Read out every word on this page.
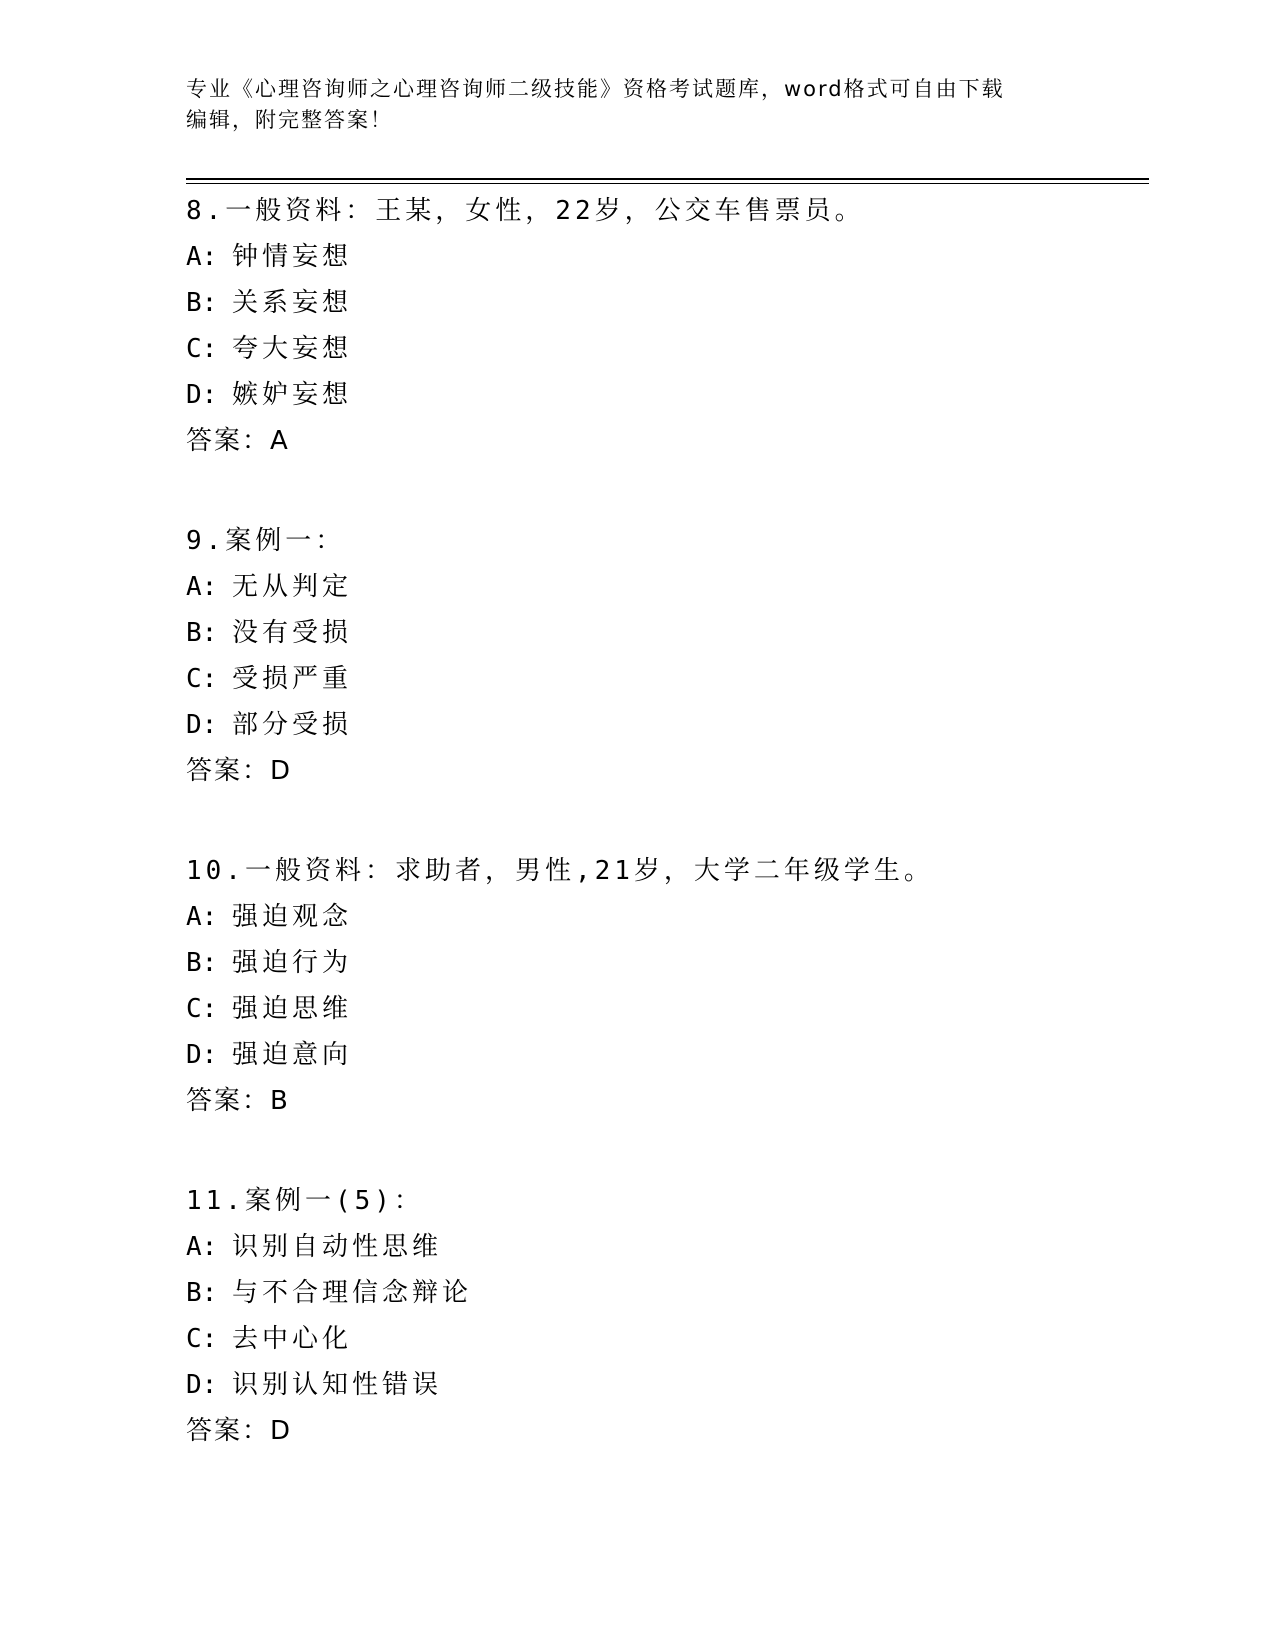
专业《心理咨询师之心理咨询师二级技能》资格考试题库，word格式可自由下载
编辑，附完整答案！
8.一般资料：王某，女性，22岁，公交车售票员。
A: 钟情妄想
B: 关系妄想
C: 夸大妄想
D: 嫉妒妄想
答案：A
9.案例一：
A: 无从判定
B: 没有受损
C: 受损严重
D: 部分受损
答案：D
10.一般资料：求助者，男性,21岁，大学二年级学生。
A: 强迫观念
B: 强迫行为
C: 强迫思维
D: 强迫意向
答案：B
11.案例一(5)：
A: 识别自动性思维
B: 与不合理信念辩论
C: 去中心化
D: 识别认知性错误
答案：D
